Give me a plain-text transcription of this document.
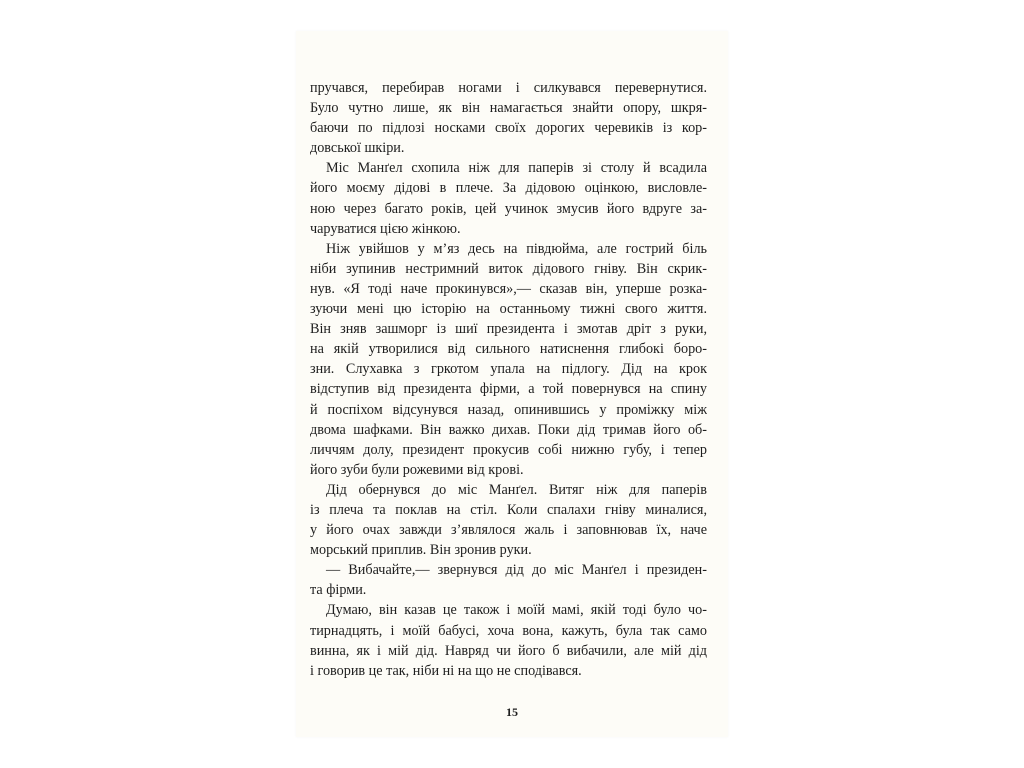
пручався, перебирав ногами і силкувався перевернутися.
Було чутно лише, як він намагається знайти опору, шкря-
баючи по підлозі носками своїх дорогих черевиків із кор-
довської шкіри.
Міс Манґел схопила ніж для паперів зі столу й всадила
його моєму дідові в плече. За дідовою оцінкою, висловле-
ною через багато років, цей учинок змусив його вдруге за-
чаруватися цією жінкою.
Ніж увійшов у м’яз десь на півдюйма, але гострий біль
ніби зупинив нестримний виток дідового гніву. Він скрик-
нув. «Я тоді наче прокинувся»,— сказав він, уперше розка-
зуючи мені цю історію на останньому тижні свого життя.
Він зняв зашморг із шиї президента і змотав дріт з руки,
на якій утворилися від сильного натиснення глибокі боро-
зни. Слухавка з гркотом упала на підлогу. Дід на крок
відступив від президента фірми, а той повернувся на спину
й поспіхом відсунувся назад, опинившись у проміжку між
двома шафками. Він важко дихав. Поки дід тримав його об-
личчям долу, президент прокусив собі нижню губу, і тепер
його зуби були рожевими від крові.
Дід обернувся до міс Манґел. Витяг ніж для паперів
із плеча та поклав на стіл. Коли спалахи гніву миналися,
у його очах завжди з’являлося жаль і заповнював їх, наче
морський приплив. Він зронив руки.
— Вибачайте,— звернувся дід до міс Манґел і президен-
та фірми.
Думаю, він казав це також і моїй мамі, якій тоді було чо-
тирнадцять, і моїй бабусі, хоча вона, кажуть, була так само
винна, як і мій дід. Навряд чи його б вибачили, але мій дід
і говорив це так, ніби ні на що не сподівався.
15
